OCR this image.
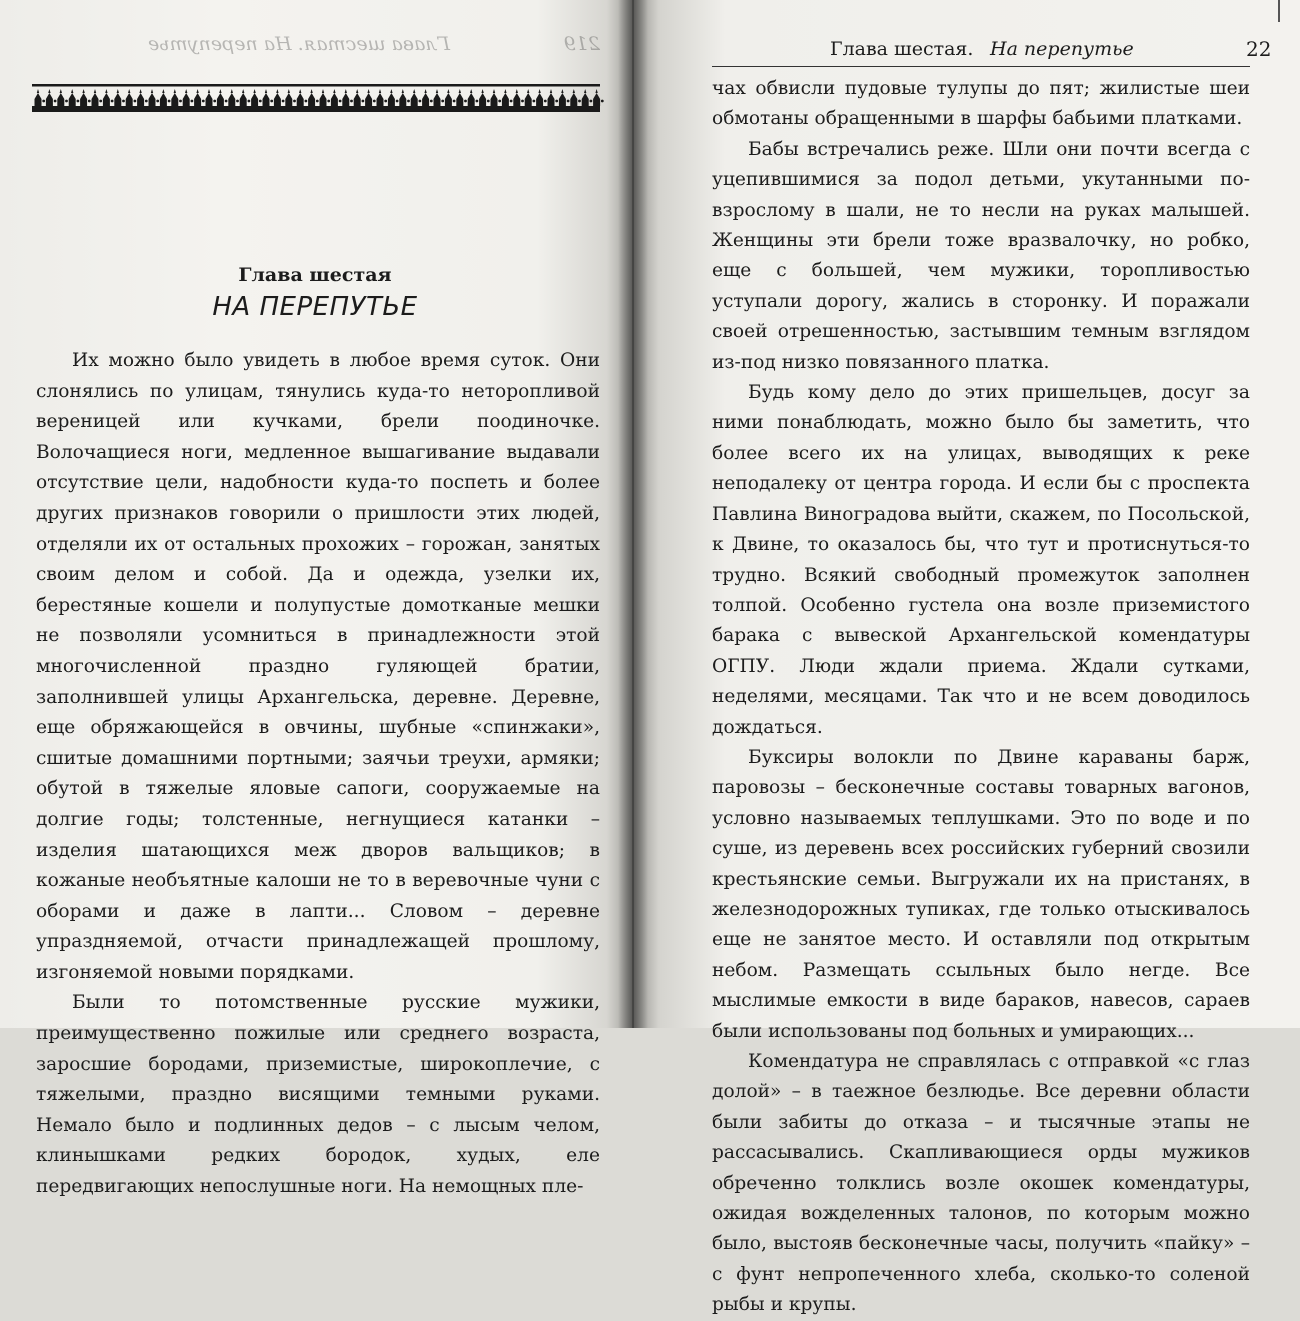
219
Глава шестая. На перепутье
Глава шестая
НА ПЕРЕПУТЬЕ

Их можно было увидеть в любое время суток. Они слонялись по улицам, тянулись куда-то неторопливой вереницей или кучками, брели поодиночке. Волочащиеся ноги, медленное вышагивание выдавали отсутствие цели, надобности куда-то поспеть и более других признаков говорили о пришлости этих людей, отделяли их от остальных прохожих – горожан, занятых своим делом и собой. Да и одежда, узелки их, берестяные кошели и полупустые домотканые мешки не позволяли усомниться в принадлежности этой многочисленной праздно гуляющей братии, заполнившей улицы Архангельска, деревне. Деревне, еще обряжающейся в овчины, шубные «спинжаки», сшитые домашними портными; заячьи треухи, армяки; обутой в тяжелые яловые сапоги, сооружаемые на долгие годы; толстенные, негнущиеся катанки – изделия шатающихся меж дворов вальщиков; в кожаные необъятные калоши не то в веревочные чуни с оборами и даже в лапти... Словом – деревне упраздняемой, отчасти принадлежащей прошлому, изгоняемой новыми порядками.

Были то потомственные русские мужики, преимущественно пожилые или среднего возраста, заросшие бородами, приземистые, широкоплечие, с тяжелыми, праздно висящими темными руками. Немало было и подлинных дедов – с лысым челом, клинышками редких бородок, худых, еле передвигающих непослушные ноги. На немощных пле-

Глава шестая. На перепутье	22

чах обвисли пудовые тулупы до пят; жилистые шеи обмотаны обращенными в шарфы бабьими платками.

Бабы встречались реже. Шли они почти всегда с уцепившимися за подол детьми, укутанными по-взрослому в шали, не то несли на руках малышей. Женщины эти брели тоже вразвалочку, но робко, еще с большей, чем мужики, торопливостью уступали дорогу, жались в сторонку. И поражали своей отрешенностью, застывшим темным взглядом из-под низко повязанного платка.

Будь кому дело до этих пришельцев, досуг за ними понаблюдать, можно было бы заметить, что более всего их на улицах, выводящих к реке неподалеку от центра города. И если бы с проспекта Павлина Виноградова выйти, скажем, по Посольской, к Двине, то оказалось бы, что тут и протиснуться-то трудно. Всякий свободный промежуток заполнен толпой. Особенно густела она возле приземистого барака с вывеской Архангельской комендатуры ОГПУ. Люди ждали приема. Ждали сутками, неделями, месяцами. Так что и не всем доводилось дождаться.

Буксиры волокли по Двине караваны барж, паровозы – бесконечные составы товарных вагонов, условно называемых теплушками. Это по воде и по суше, из деревень всех российских губерний свозили крестьянские семьи. Выгружали их на пристанях, в железнодорожных тупиках, где только отыскивалось еще не занятое место. И оставляли под открытым небом. Размещать ссыльных было негде. Все мыслимые емкости в виде бараков, навесов, сараев были использованы под больных и умирающих...

Комендатура не справлялась с отправкой «с глаз долой» – в таежное безлюдье. Все деревни области были забиты до отказа – и тысячные этапы не рассасывались. Скапливающиеся орды мужиков обреченно толклись возле окошек комендатуры, ожидая вожделенных талонов, по которым можно было, выстояв бесконечные часы, получить «пайку» – с фунт непропеченного хлеба, сколько-то соленой рыбы и крупы.
